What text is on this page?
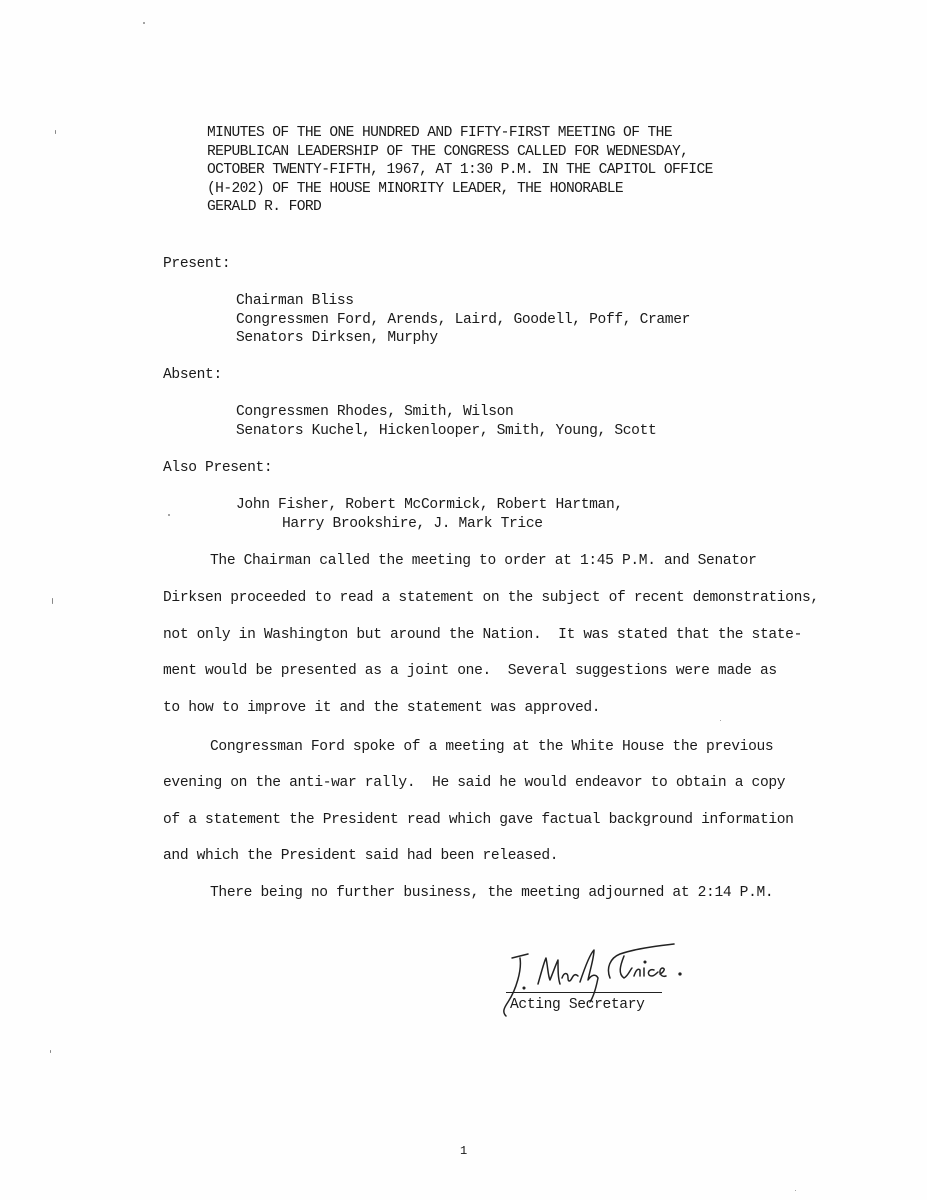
MINUTES OF THE ONE HUNDRED AND FIFTY-FIRST MEETING OF THE
REPUBLICAN LEADERSHIP OF THE CONGRESS CALLED FOR WEDNESDAY,
OCTOBER TWENTY-FIFTH, 1967, AT 1:30 P.M. IN THE CAPITOL OFFICE
(H-202) OF THE HOUSE MINORITY LEADER, THE HONORABLE
GERALD R. FORD
Present:
Chairman Bliss
Congressmen Ford, Arends, Laird, Goodell, Poff, Cramer
Senators Dirksen, Murphy
Absent:
Congressmen Rhodes, Smith, Wilson
Senators Kuchel, Hickenlooper, Smith, Young, Scott
Also Present:
John Fisher, Robert McCormick, Robert Hartman,
Harry Brookshire, J. Mark Trice
The Chairman called the meeting to order at 1:45 P.M. and Senator
Dirksen proceeded to read a statement on the subject of recent demonstrations,
not only in Washington but around the Nation.  It was stated that the state-
ment would be presented as a joint one.  Several suggestions were made as
to how to improve it and the statement was approved.
Congressman Ford spoke of a meeting at the White House the previous
evening on the anti-war rally.  He said he would endeavor to obtain a copy
of a statement the President read which gave factual background information
and which the President said had been released.
There being no further business, the meeting adjourned at 2:14 P.M.
Acting Secretary
1
